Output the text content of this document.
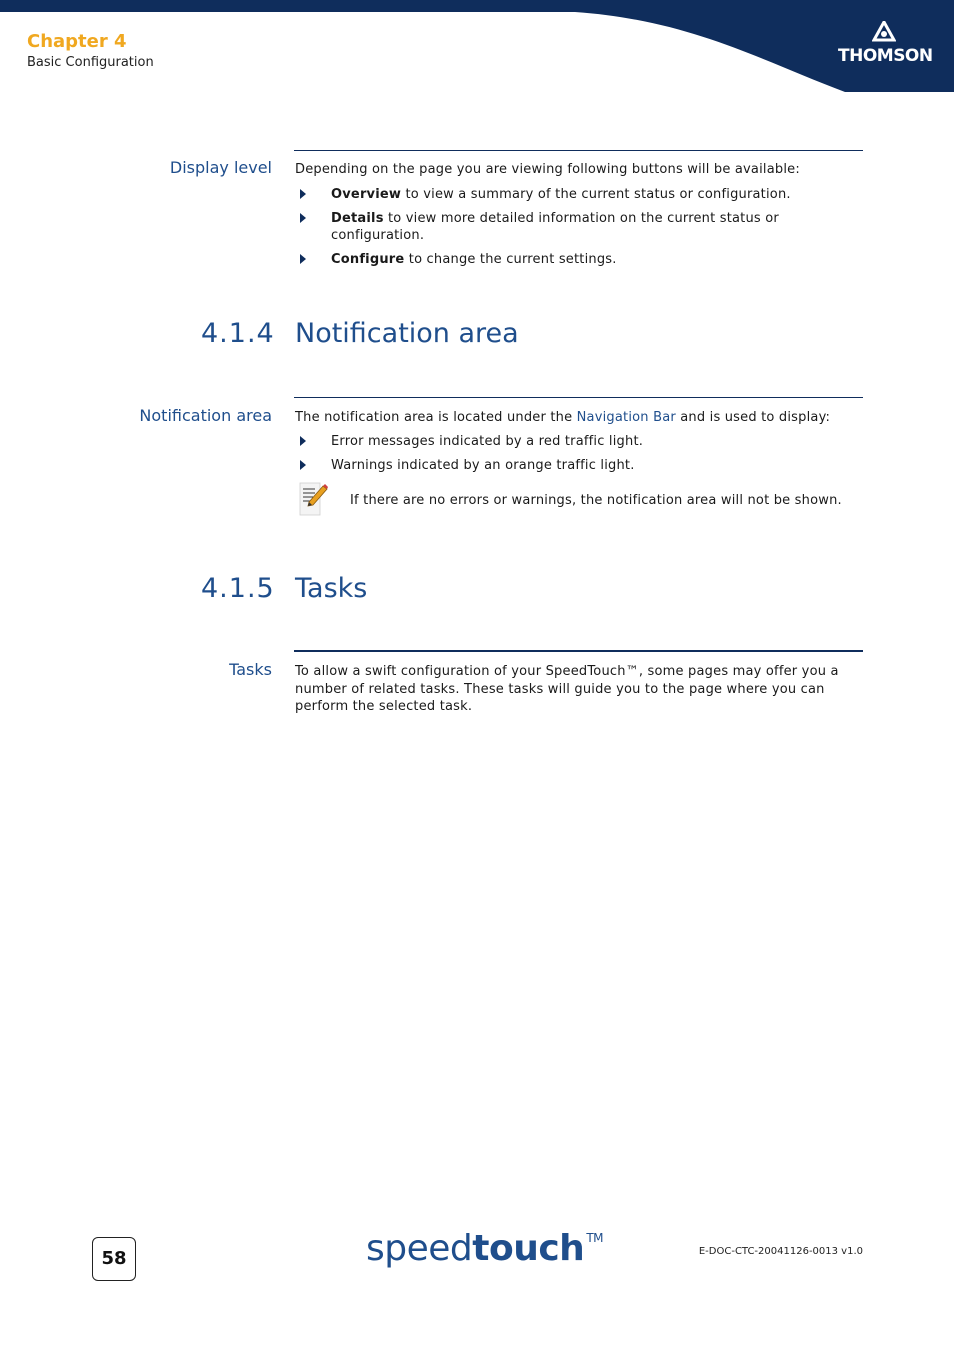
Chapter 4
Basic Configuration	THOMSON
Display level Depending on the page you are viewing following buttons will be available:
Overview to view a summary of the current status or configuration.
Details to view more detailed information on the current status or configuration.
Configure to change the current settings.
4.1.4 Notification area
Notification area The notification area is located under the Navigation Bar and is used to display:
Error messages indicated by a red traffic light.
Warnings indicated by an orange traffic light.
If there are no errors or warnings, the notification area will not be shown.
4.1.5 Tasks
Tasks To allow a swift configuration of your SpeedTouch™, some pages may offer you a
number of related tasks. These tasks will guide you to the page where you can
perform the selected task.
58	speedtouch ™
E-DOC-CTC-20041126-0013 v1.0
